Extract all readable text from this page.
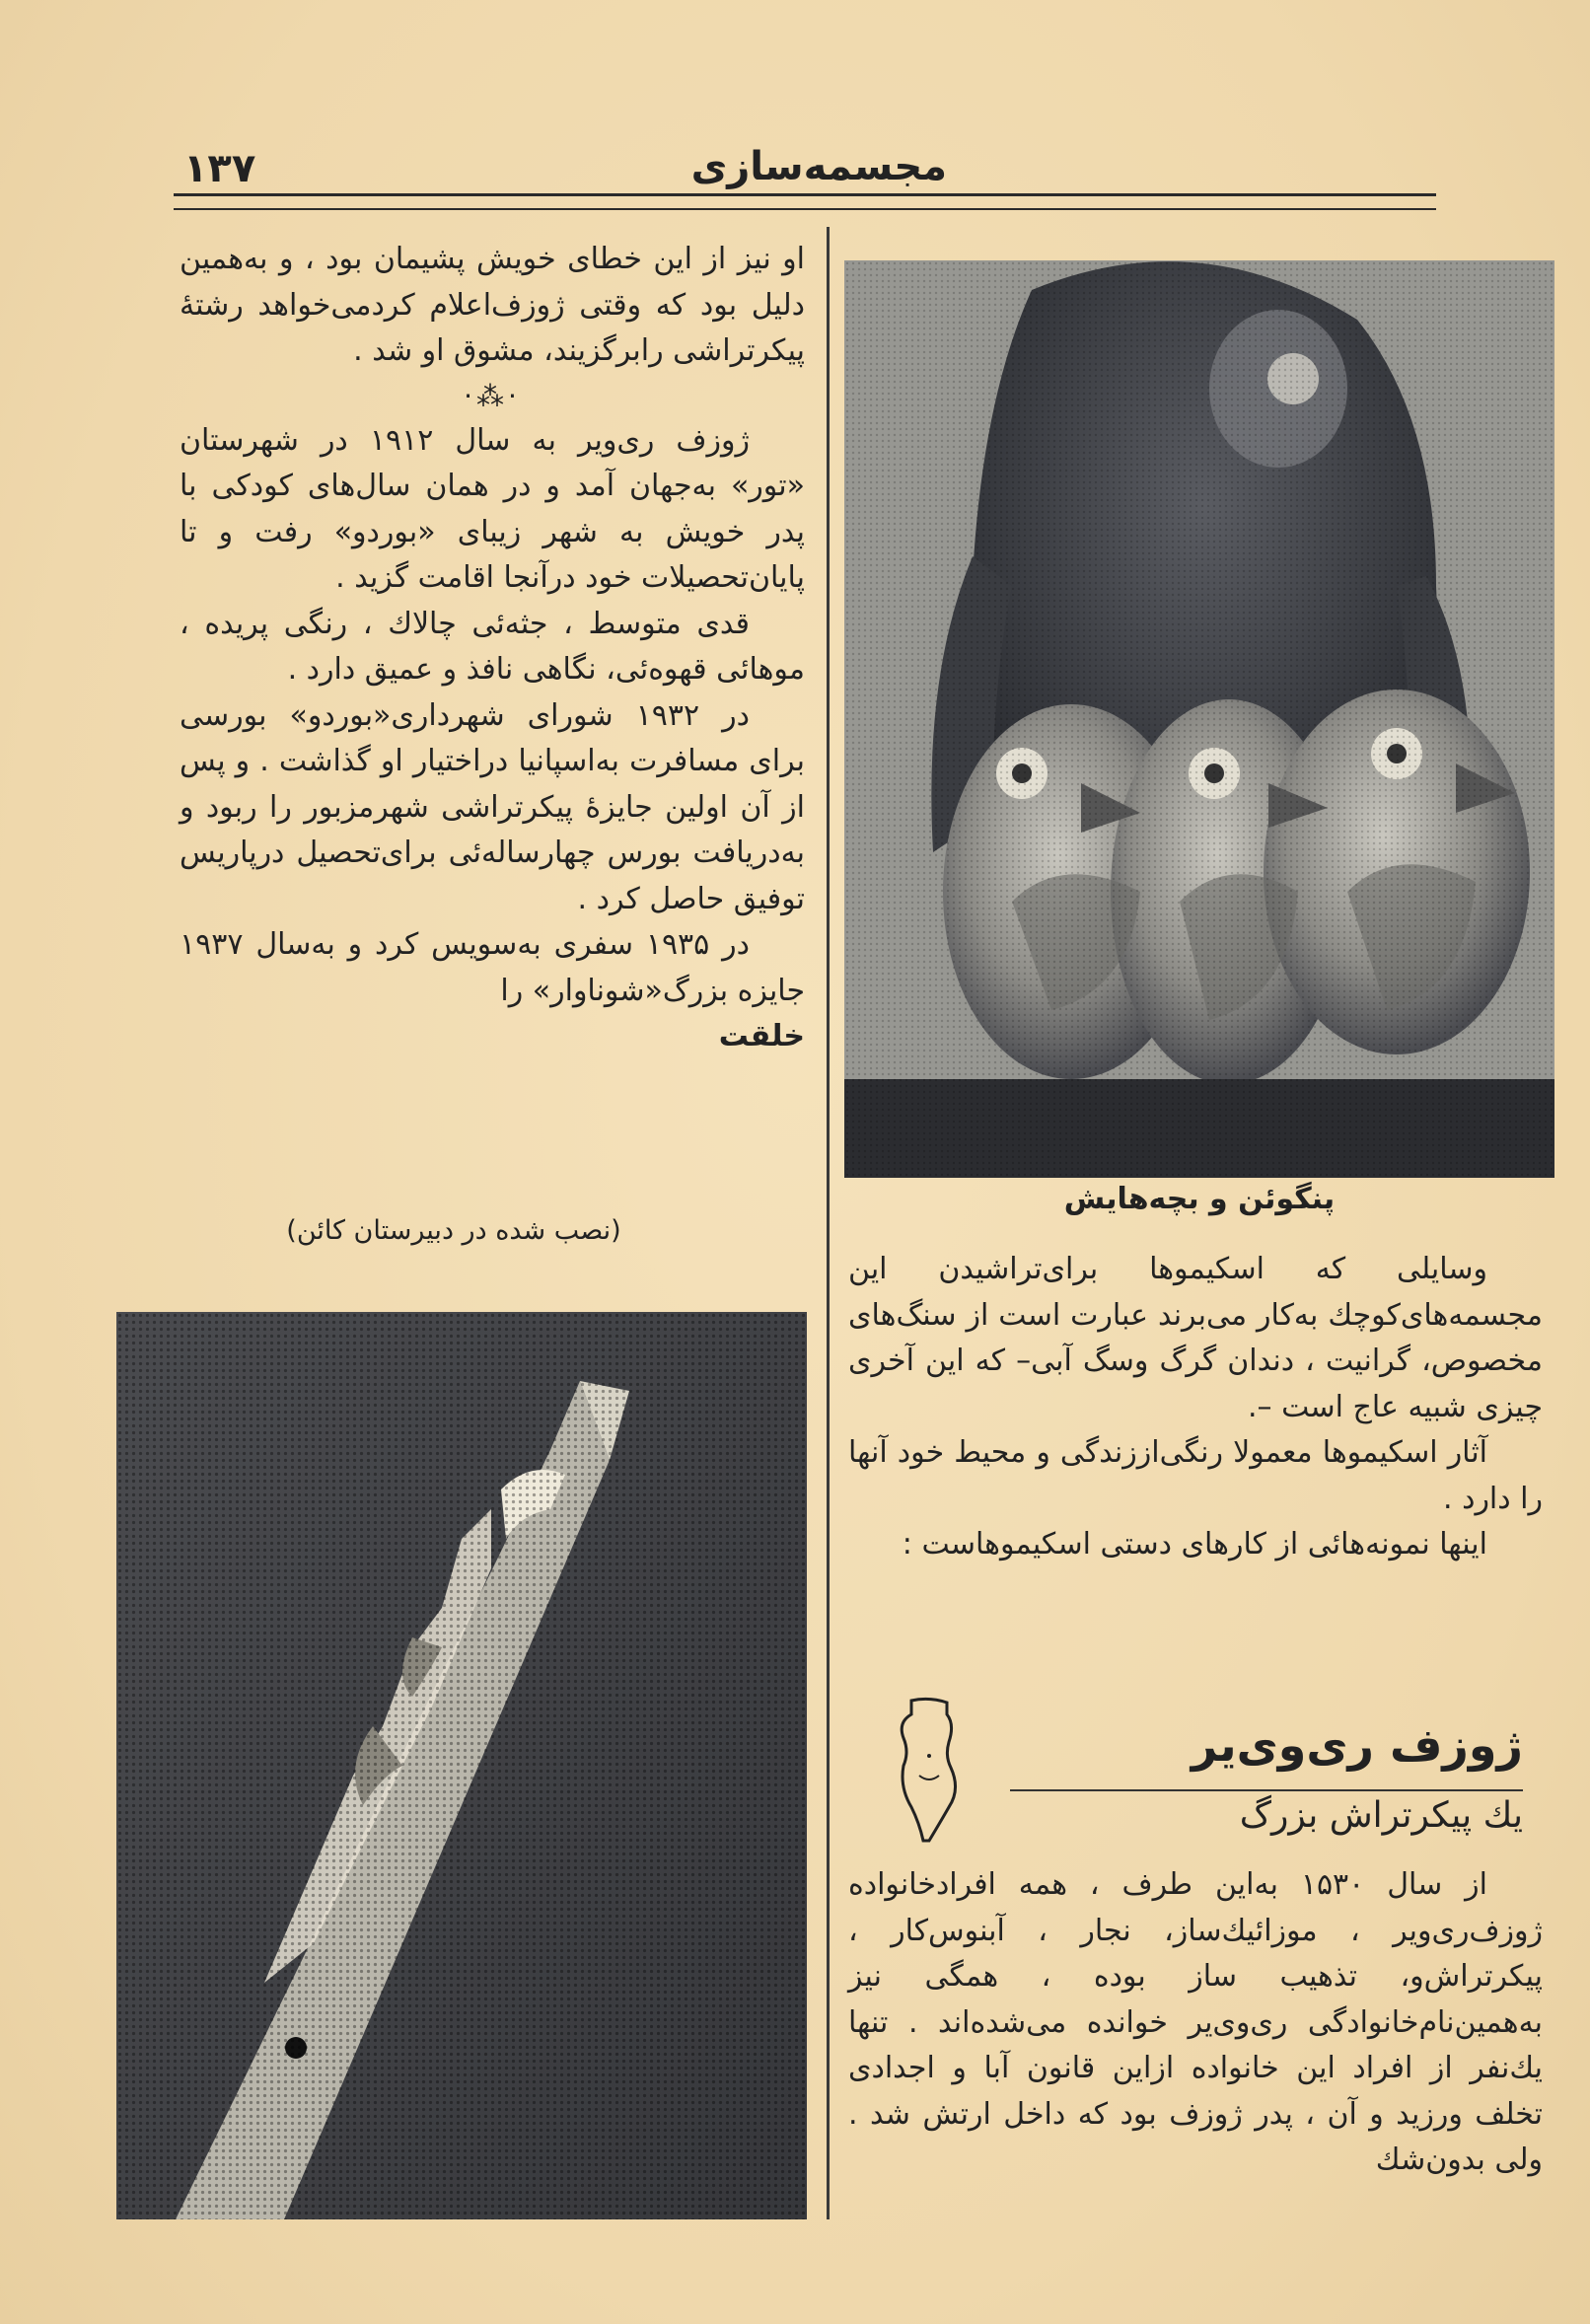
۱۳۷	مجسمه‌سازی

او نیز از این خطای خویش پشیمان بود ، و به‌همین دلیل بود که وقتی ژوزف‌اعلام کردمی‌خواهد رشتهٔ پیکرتراشی رابرگزیند، مشوق او شد .

·⁂·

ژوزف ری‌ویر به سال ۱۹۱۲ در شهرستان «تور» به‌جهان آمد و در همان سال‌های کودکی با پدر خویش به شهر زیبای «بوردو» رفت و تا پایان‌تحصیلات خود درآنجا اقامت گزید .

قدی متوسط ، جثه‌ئی چالاك ، رنگی پریده ، موهائی قهوه‌ئی، نگاهی نافذ و عمیق دارد .

در ۱۹۳۲ شورای شهرداری«بوردو» بورسی برای مسافرت به‌اسپانیا دراختیار او گذاشت . و پس از آن اولین جایزهٔ پیکرتراشی شهرمزبور را ربود و به‌دریافت بورس چهارساله‌ئی برای‌تحصیل درپاریس توفیق حاصل کرد .

در ۱۹۳۵ سفری به‌سویس کرد و به‌سال ۱۹۳۷ جایزه بزرگ«شوناوار» را

خلقت
(نصب شده در دبیرستان کائن)
پنگوئن و بچه‌هایش

وسایلی که اسکیموها برای‌تراشیدن این مجسمه‌های‌کوچك به‌کار می‌برند عبارت است از سنگ‌های مخصوص، گرانیت ، دندان گرگ وسگ آبی– که این آخری چیزی شبیه عاج است –.

آثار اسکیموها معمولا رنگی‌اززندگی و محیط خود آنها را دارد .

اینها نمونه‌هائی از کارهای دستی اسکیموهاست :

ژوزف ری‌وی‌یر
یك پیکرتراش بزرگ

از سال ۱۵۳۰ به‌این طرف ، همه افرادخانواده ژوزف‌ری‌ویر ، موزائیك‌ساز، نجار ، آبنوس‌کار ، پیکرتراش‌و، تذهیب ساز بوده ، همگی نیز به‌همین‌نام‌خانوادگی ری‌وی‌یر خوانده می‌شده‌اند . تنها یك‌نفر از افراد این خانواده ازاین قانون آبا و اجدادی تخلف ورزید و آن ، پدر ژوزف بود که داخل ارتش شد . ولی بدون‌شك
